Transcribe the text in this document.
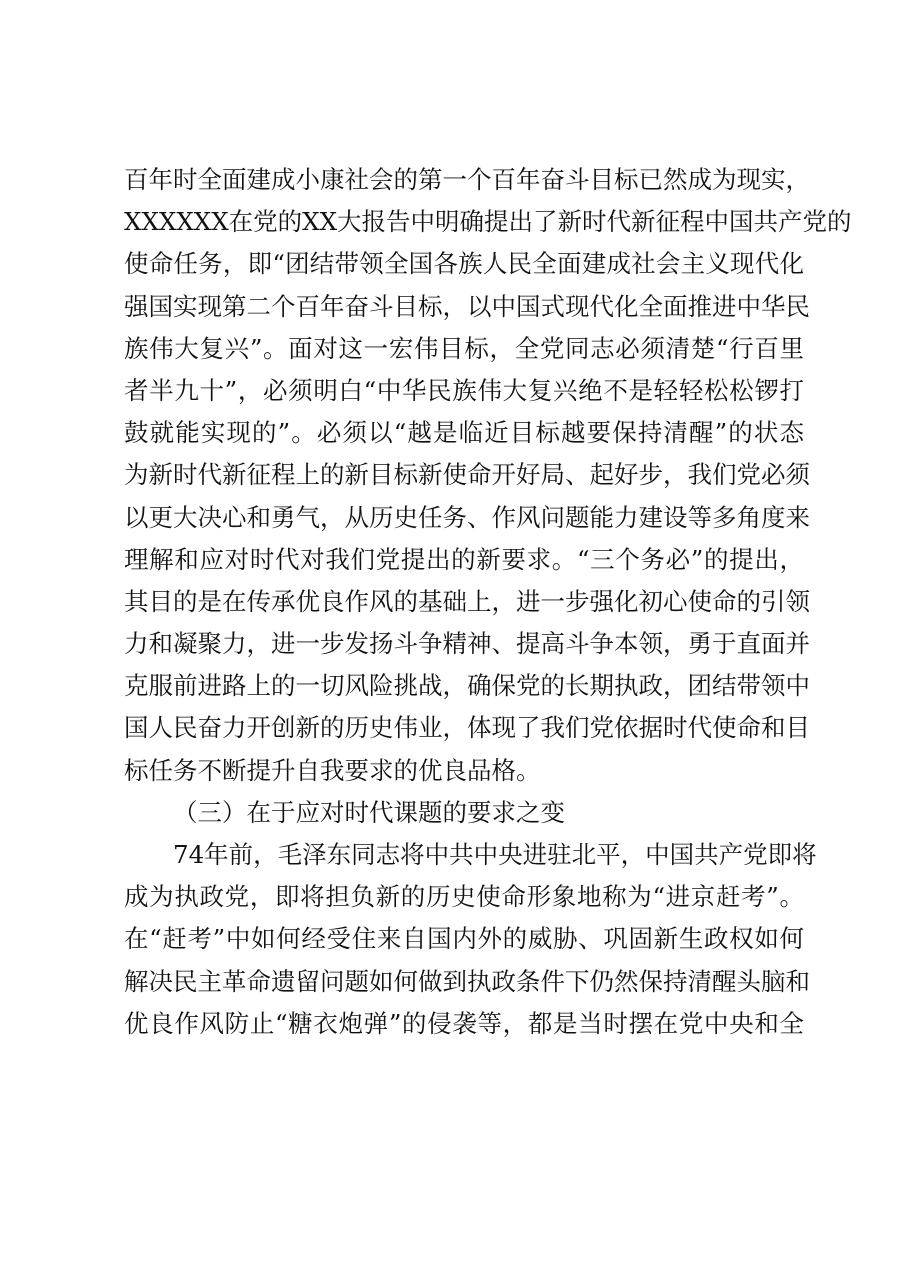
百年时全面建成小康社会的第一个百年奋斗目标已然成为现实，
XXXXXX在党的XX大报告中明确提出了新时代新征程中国共产党的
使命任务，即“团结带领全国各族人民全面建成社会主义现代化
强国实现第二个百年奋斗目标，以中国式现代化全面推进中华民
族伟大复兴”。面对这一宏伟目标，全党同志必须清楚“行百里
者半九十”，必须明白“中华民族伟大复兴绝不是轻轻松松锣打
鼓就能实现的”。必须以“越是临近目标越要保持清醒”的状态
为新时代新征程上的新目标新使命开好局、起好步，我们党必须
以更大决心和勇气，从历史任务、作风问题能力建设等多角度来
理解和应对时代对我们党提出的新要求。“三个务必”的提出，
其目的是在传承优良作风的基础上，进一步强化初心使命的引领
力和凝聚力，进一步发扬斗争精神、提高斗争本领，勇于直面并
克服前进路上的一切风险挑战，确保党的长期执政，团结带领中
国人民奋力开创新的历史伟业，体现了我们党依据时代使命和目
标任务不断提升自我要求的优良品格。
（三）在于应对时代课题的要求之变
74年前，毛泽东同志将中共中央进驻北平，中国共产党即将
成为执政党，即将担负新的历史使命形象地称为“进京赶考”。
在“赶考”中如何经受住来自国内外的威胁、巩固新生政权如何
解决民主革命遗留问题如何做到执政条件下仍然保持清醒头脑和
优良作风防止“糖衣炮弹”的侵袭等，都是当时摆在党中央和全
